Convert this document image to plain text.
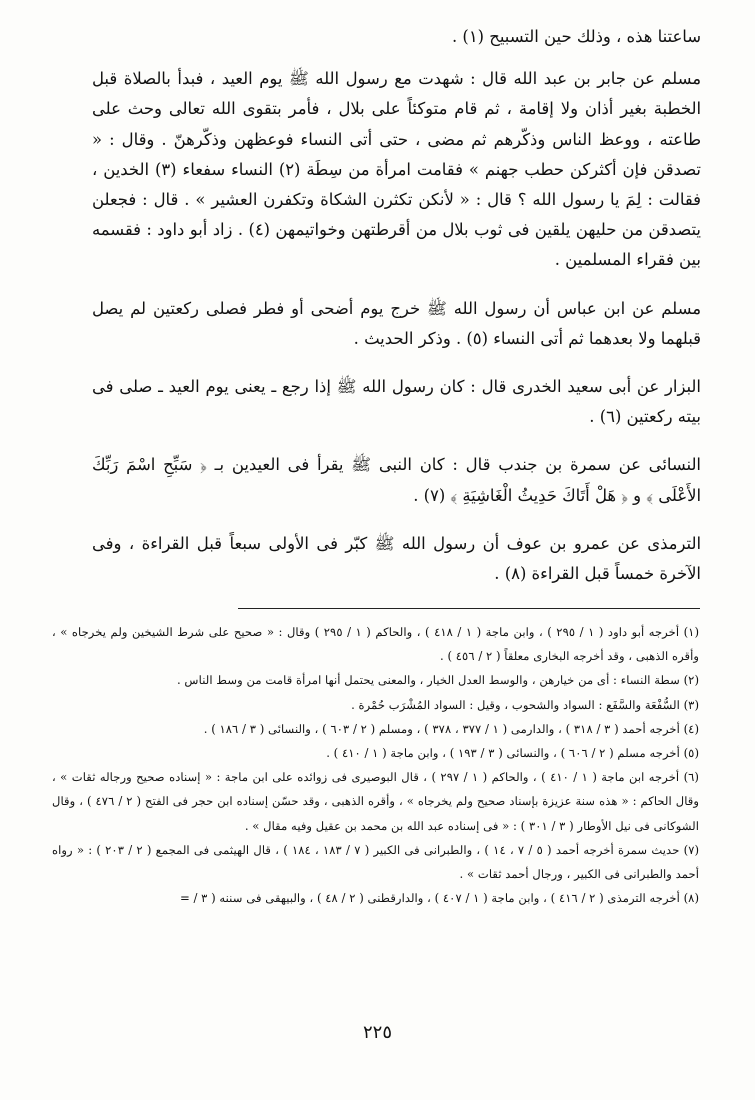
ساعتنا هذه ، وذلك حين التسبيح (١) .

مسلم عن جابر بن عبد الله قال : شهدت مع رسول الله ﷺ يوم العيد ، فبدأ بالصلاة قبل الخطبة بغير أذان ولا إقامة ، ثم قام متوكئاً على بلال ، فأمر بتقوى الله تعالى وحث على طاعته ، ووعظ الناس وذكّرهم ثم مضى ، حتى أتى النساء فوعظهن وذكّرهنّ . وقال : « تصدقن فإن أكثركن حطب جهنم » فقامت امرأة من سِطَة (٢) النساء سفعاء (٣) الخدين ، فقالت : لِمَ يا رسول الله ؟ قال : « لأنكن تكثرن الشكاة وتكفرن العشير » . قال : فجعلن يتصدقن من حليهن يلقين فى ثوب بلال من أقرطتهن وخواتيمهن (٤) . زاد أبو داود : فقسمه بين فقراء المسلمين .

مسلم عن ابن عباس أن رسول الله ﷺ خرج يوم أضحى أو فطر فصلى ركعتين لم يصل قبلهما ولا بعدهما ثم أتى النساء (٥) . وذكر الحديث .

البزار عن أبى سعيد الخدرى قال : كان رسول الله ﷺ إذا رجع ـ يعنى يوم العيد ـ صلى فى بيته ركعتين (٦) .

النسائى عن سمرة بن جندب قال : كان النبى ﷺ يقرأ فى العيدين بـ ﴿ سَبِّحِ اسْمَ رَبِّكَ الأَعْلَى ﴾ و ﴿ هَلْ أَتَاكَ حَدِيثُ الْغَاشِيَةِ ﴾ (٧) .

الترمذى عن عمرو بن عوف أن رسول الله ﷺ كبّر فى الأولى سبعاً قبل القراءة ، وفى الآخرة خمساً قبل القراءة (٨) .

(١) أخرجه أبو داود ( ١ / ٢٩٥ ) ، وابن ماجة ( ١ / ٤١٨ ) ، والحاكم ( ١ / ٢٩٥ ) وقال : « صحيح على شرط الشيخين ولم يخرجاه » ، وأقره الذهبى ، وقد أخرجه البخارى معلقاً ( ٢ / ٤٥٦ ) .

(٢) سطة النساء : أى من خيارهن ، والوسط العدل الخيار ، والمعنى يحتمل أنها امرأة قامت من وسط الناس .

(٣) السُّفْعَة والسَّفَع : السواد والشحوب ، وقيل : السواد المُشْرَب حُمْرة .

(٤) أخرجه أحمد ( ٣ / ٣١٨ ) ، والدارمى ( ١ / ٣٧٧ ، ٣٧٨ ) ، ومسلم ( ٢ / ٦٠٣ ) ، والنسائى ( ٣ / ١٨٦ ) .

(٥) أخرجه مسلم ( ٢ / ٦٠٦ ) ، والنسائى ( ٣ / ١٩٣ ) ، وابن ماجة ( ١ / ٤١٠ ) .

(٦) أخرجه ابن ماجة ( ١ / ٤١٠ ) ، والحاكم ( ١ / ٢٩٧ ) ، قال البوصيرى فى زوائده على ابن ماجة : « إسناده صحيح ورجاله ثقات » ، وقال الحاكم : « هذه سنة عزيزة بإسناد صحيح ولم يخرجاه » ، وأقره الذهبى ، وقد حسّن إسناده ابن حجر فى الفتح ( ٢ / ٤٧٦ ) ، وقال الشوكانى فى نيل الأوطار ( ٣ / ٣٠١ ) : « فى إسناده عبد الله بن محمد بن عقيل وفيه مقال » .

(٧) حديث سمرة أخرجه أحمد ( ٥ / ٧ ، ١٤ ) ، والطبرانى فى الكبير ( ٧ / ١٨٣ ، ١٨٤ ) ، قال الهيثمى فى المجمع ( ٢ / ٢٠٣ ) : « رواه أحمد والطبرانى فى الكبير ، ورجال أحمد ثقات » .

(٨) أخرجه الترمذى ( ٢ / ٤١٦ ) ، وابن ماجة ( ١ / ٤٠٧ ) ، والدارقطنى ( ٢ / ٤٨ ) ، والبيهقى فى سننه ( ٣ / =

٢٢٥
